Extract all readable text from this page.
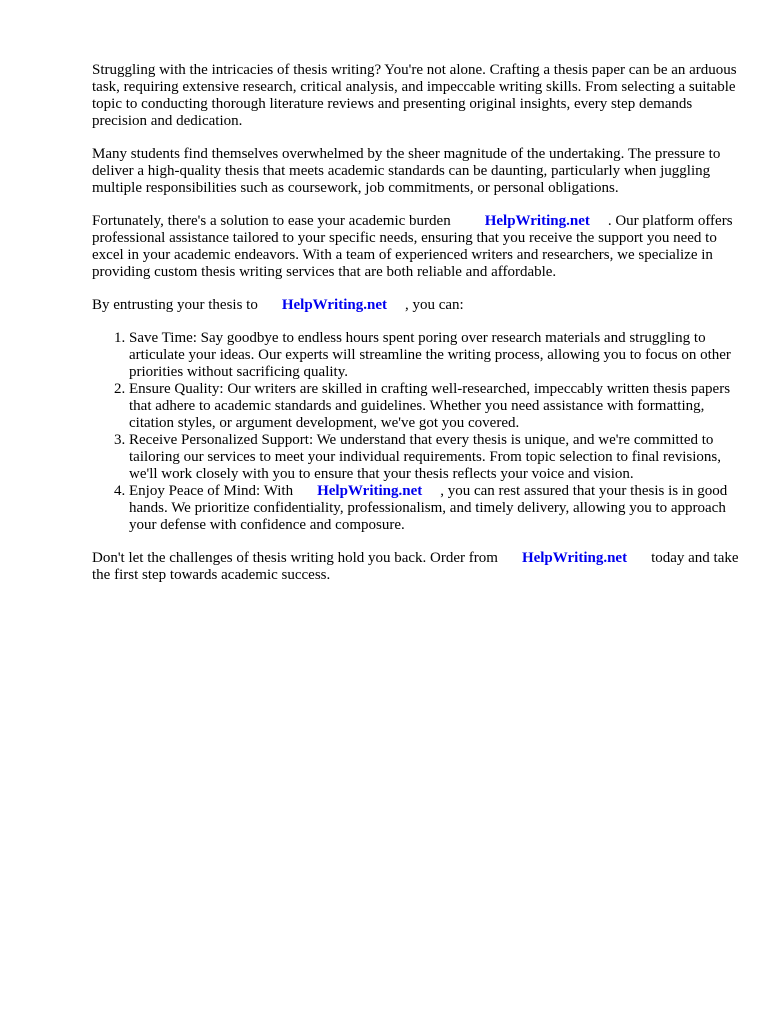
Struggling with the intricacies of thesis writing? You're not alone. Crafting a thesis paper can be an arduous task, requiring extensive research, critical analysis, and impeccable writing skills. From selecting a suitable topic to conducting thorough literature reviews and presenting original insights, every step demands precision and dedication.

Many students find themselves overwhelmed by the sheer magnitude of the undertaking. The pressure to deliver a high-quality thesis that meets academic standards can be daunting, particularly when juggling multiple responsibilities such as coursework, job commitments, or personal obligations.

Fortunately, there's a solution to ease your academic burden HelpWriting.net . Our platform offers professional assistance tailored to your specific needs, ensuring that you receive the support you need to excel in your academic endeavors. With a team of experienced writers and researchers, we specialize in providing custom thesis writing services that are both reliable and affordable.

By entrusting your thesis to HelpWriting.net , you can:

1. Save Time: Say goodbye to endless hours spent poring over research materials and struggling to articulate your ideas. Our experts will streamline the writing process, allowing you to focus on other priorities without sacrificing quality.
2. Ensure Quality: Our writers are skilled in crafting well-researched, impeccably written thesis papers that adhere to academic standards and guidelines. Whether you need assistance with formatting, citation styles, or argument development, we've got you covered.
3. Receive Personalized Support: We understand that every thesis is unique, and we're committed to tailoring our services to meet your individual requirements. From topic selection to final revisions, we'll work closely with you to ensure that your thesis reflects your voice and vision.
4. Enjoy Peace of Mind: With HelpWriting.net , you can rest assured that your thesis is in good hands. We prioritize confidentiality, professionalism, and timely delivery, allowing you to approach your defense with confidence and composure.

Don't let the challenges of thesis writing hold you back. Order from HelpWriting.net today and take the first step towards academic success.
